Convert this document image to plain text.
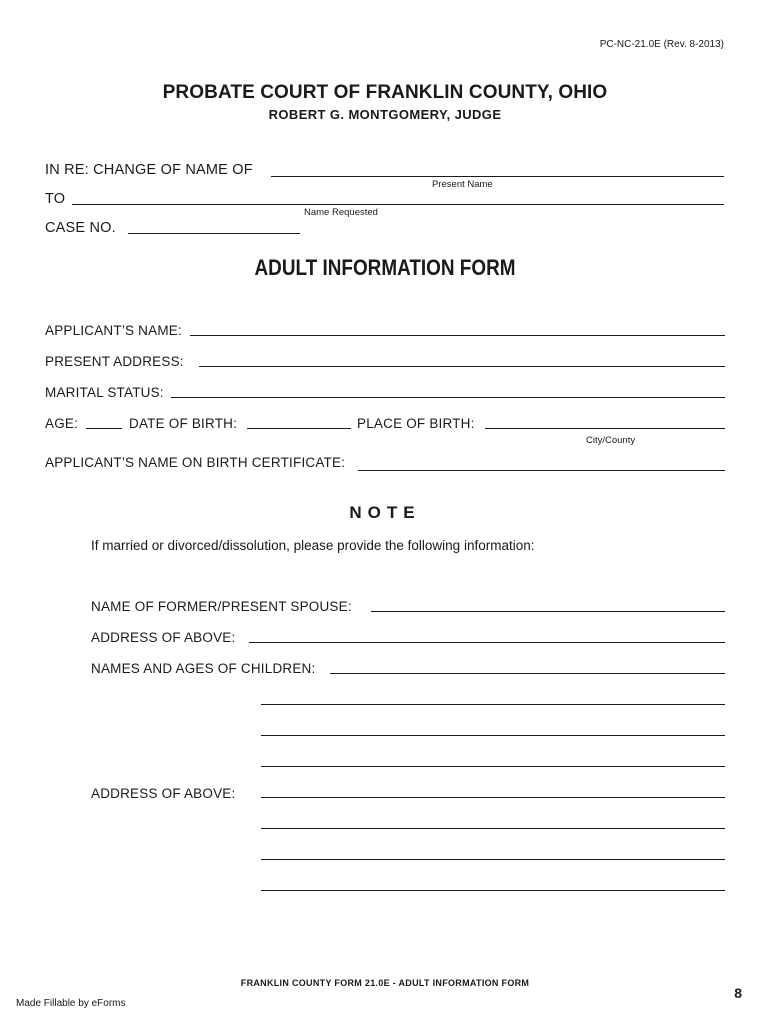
PC-NC-21.0E (Rev. 8-2013)
PROBATE COURT OF FRANKLIN COUNTY, OHIO
ROBERT G. MONTGOMERY, JUDGE
IN RE: CHANGE OF NAME OF
Present Name
TO
Name Requested
CASE NO.
ADULT INFORMATION FORM
APPLICANT’S NAME:
PRESENT ADDRESS:
MARITAL STATUS:
AGE:	DATE OF BIRTH:	PLACE OF BIRTH:
City/County
APPLICANT’S NAME ON BIRTH CERTIFICATE:
NOTE
If married or divorced/dissolution, please provide the following information:
NAME OF FORMER/PRESENT SPOUSE:
ADDRESS OF ABOVE:
NAMES AND AGES OF CHILDREN:
ADDRESS OF ABOVE:
FRANKLIN COUNTY FORM 21.0E - ADULT INFORMATION FORM
8
Made Fillable by eForms
